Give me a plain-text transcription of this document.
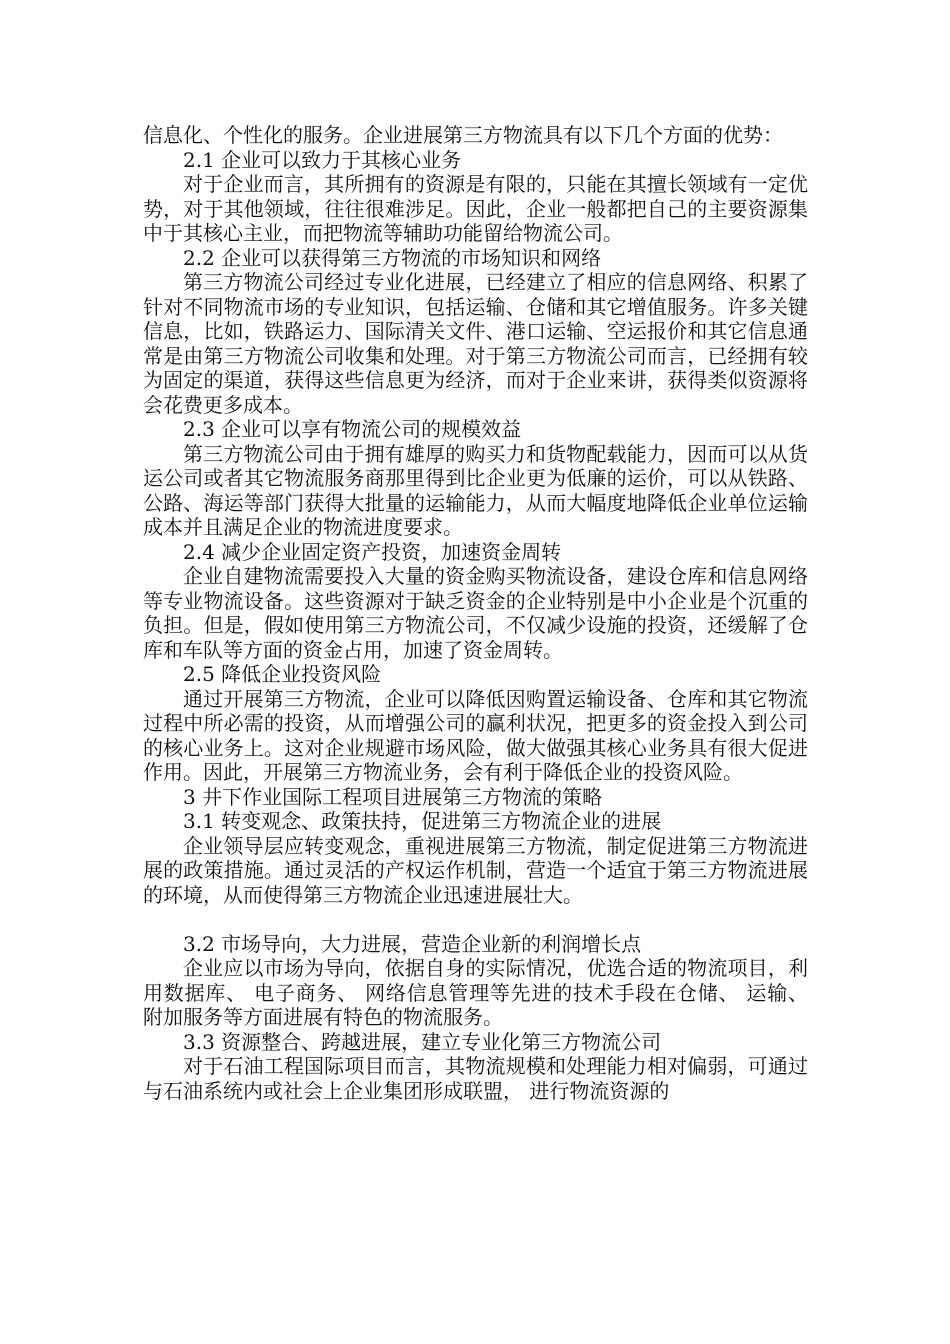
信息化、个性化的服务。企业进展第三方物流具有以下几个方面的优势：

2.1 企业可以致力于其核心业务

对于企业而言，其所拥有的资源是有限的，只能在其擅长领域有一定优势，对于其他领域，往往很难涉足。因此，企业一般都把自己的主要资源集中于其核心主业，而把物流等辅助功能留给物流公司。

2.2 企业可以获得第三方物流的市场知识和网络

第三方物流公司经过专业化进展，已经建立了相应的信息网络、积累了针对不同物流市场的专业知识，包括运输、仓储和其它增值服务。许多关键信息，比如，铁路运力、国际清关文件、港口运输、空运报价和其它信息通常是由第三方物流公司收集和处理。对于第三方物流公司而言，已经拥有较为固定的渠道，获得这些信息更为经济，而对于企业来讲，获得类似资源将会花费更多成本。

2.3 企业可以享有物流公司的规模效益

第三方物流公司由于拥有雄厚的购买力和货物配载能力，因而可以从货运公司或者其它物流服务商那里得到比企业更为低廉的运价，可以从铁路、公路、海运等部门获得大批量的运输能力，从而大幅度地降低企业单位运输成本并且满足企业的物流进度要求。

2.4 减少企业固定资产投资，加速资金周转

企业自建物流需要投入大量的资金购买物流设备，建设仓库和信息网络等专业物流设备。这些资源对于缺乏资金的企业特别是中小企业是个沉重的负担。但是，假如使用第三方物流公司，不仅减少设施的投资，还缓解了仓库和车队等方面的资金占用，加速了资金周转。

2.5 降低企业投资风险

通过开展第三方物流，企业可以降低因购置运输设备、仓库和其它物流过程中所必需的投资，从而增强公司的赢利状况，把更多的资金投入到公司的核心业务上。这对企业规避市场风险，做大做强其核心业务具有很大促进作用。因此，开展第三方物流业务，会有利于降低企业的投资风险。

3 井下作业国际工程项目进展第三方物流的策略

3.1 转变观念、政策扶持，促进第三方物流企业的进展

企业领导层应转变观念，重视进展第三方物流，制定促进第三方物流进展的政策措施。通过灵活的产权运作机制，营造一个适宜于第三方物流进展的环境，从而使得第三方物流企业迅速进展壮大。

3.2 市场导向，大力进展，营造企业新的利润增长点

企业应以市场为导向，依据自身的实际情况，优选合适的物流项目，利用数据库、 电子商务、 网络信息管理等先进的技术手段在仓储、 运输、 附加服务等方面进展有特色的物流服务。

3.3 资源整合、跨越进展，建立专业化第三方物流公司

对于石油工程国际项目而言，其物流规模和处理能力相对偏弱，可通过与石油系统内或社会上企业集团形成联盟， 进行物流资源的
